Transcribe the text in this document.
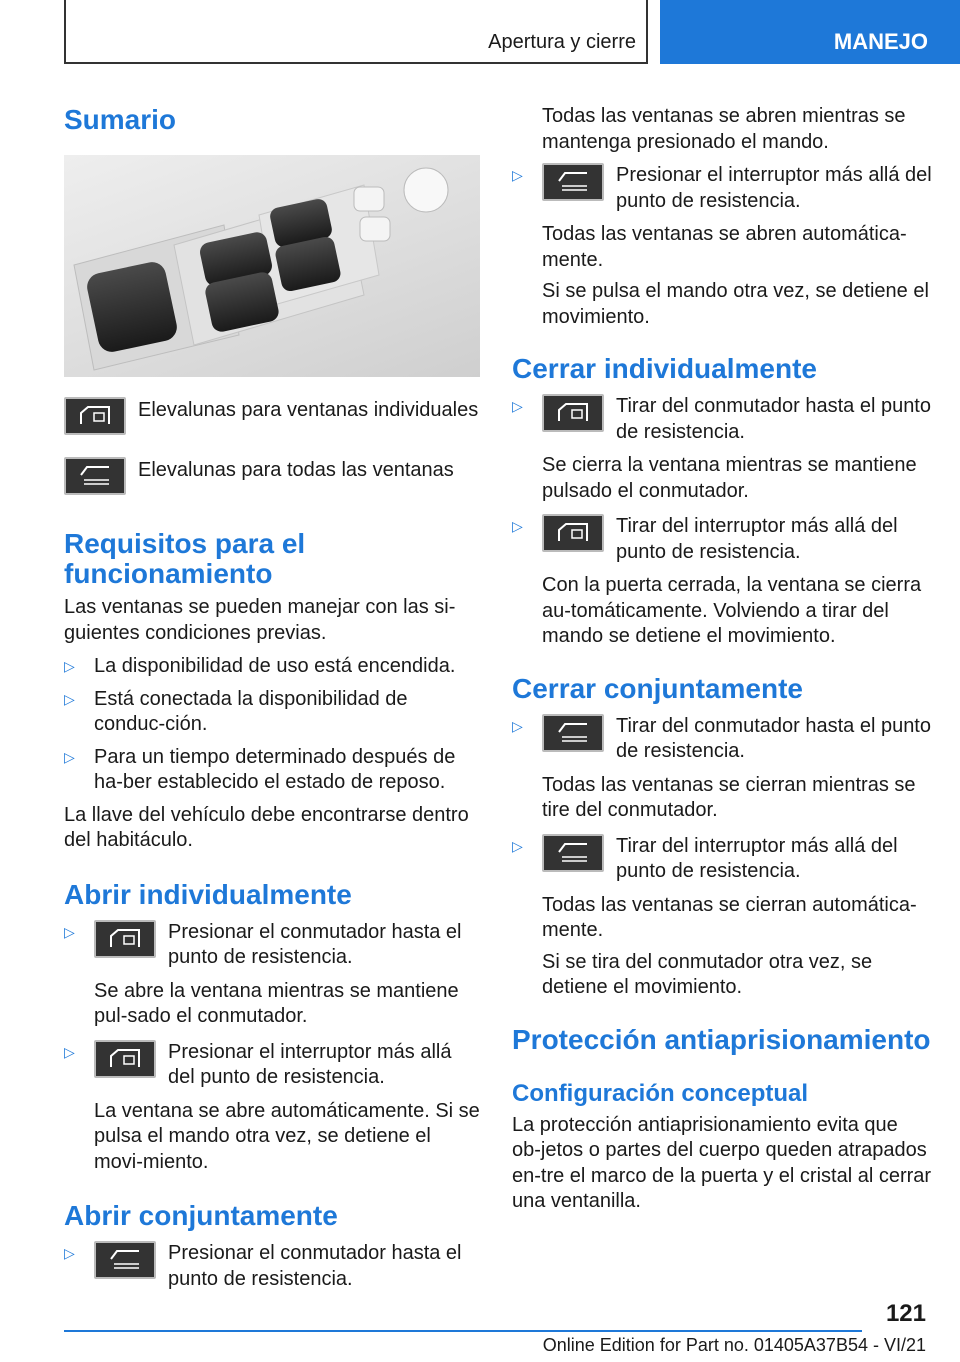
Apertura y cierre	MANEJO
Sumario
Elevalunas para ventanas individuales
Elevalunas para todas las ventanas
Requisitos para el
funcionamiento

Las ventanas se pueden manejar con las si-guientes condiciones previas.

▷ La disponibilidad de uso está encendida.
▷ Está conectada la disponibilidad de conduc-ción.
▷ Para un tiempo determinado después de ha-ber establecido el estado de reposo.

La llave del vehículo debe encontrarse dentro del habitáculo.

Abrir individualmente
▷	Presionar el conmutador hasta el punto de resistencia.

Se abre la ventana mientras se mantiene pul-sado el conmutador.

▷	Presionar el interruptor más allá del punto de resistencia.

La ventana se abre automáticamente. Si se pulsa el mando otra vez, se detiene el movi-miento.

Abrir conjuntamente
▷	Presionar el conmutador hasta el punto de resistencia.

Todas las ventanas se abren mientras se mantenga presionado el mando.

▷	Presionar el interruptor más allá del punto de resistencia.

Todas las ventanas se abren automática-mente.

Si se pulsa el mando otra vez, se detiene el movimiento.

Cerrar individualmente
▷	Tirar del conmutador hasta el punto de resistencia.

Se cierra la ventana mientras se mantiene pulsado el conmutador.

▷	Tirar del interruptor más allá del punto de resistencia.

Con la puerta cerrada, la ventana se cierra au-tomáticamente. Volviendo a tirar del mando se detiene el movimiento.

Cerrar conjuntamente
▷	Tirar del conmutador hasta el punto de resistencia.

Todas las ventanas se cierran mientras se tire del conmutador.

▷	Tirar del interruptor más allá del punto de resistencia.

Todas las ventanas se cierran automática-mente.

Si se tira del conmutador otra vez, se detiene el movimiento.

Protección antiaprisionamiento
Configuración conceptual

La protección antiaprisionamiento evita que ob-jetos o partes del cuerpo queden atrapados en-tre el marco de la puerta y el cristal al cerrar una ventanilla.

121
Online Edition for Part no. 01405A37B54 - VI/21
